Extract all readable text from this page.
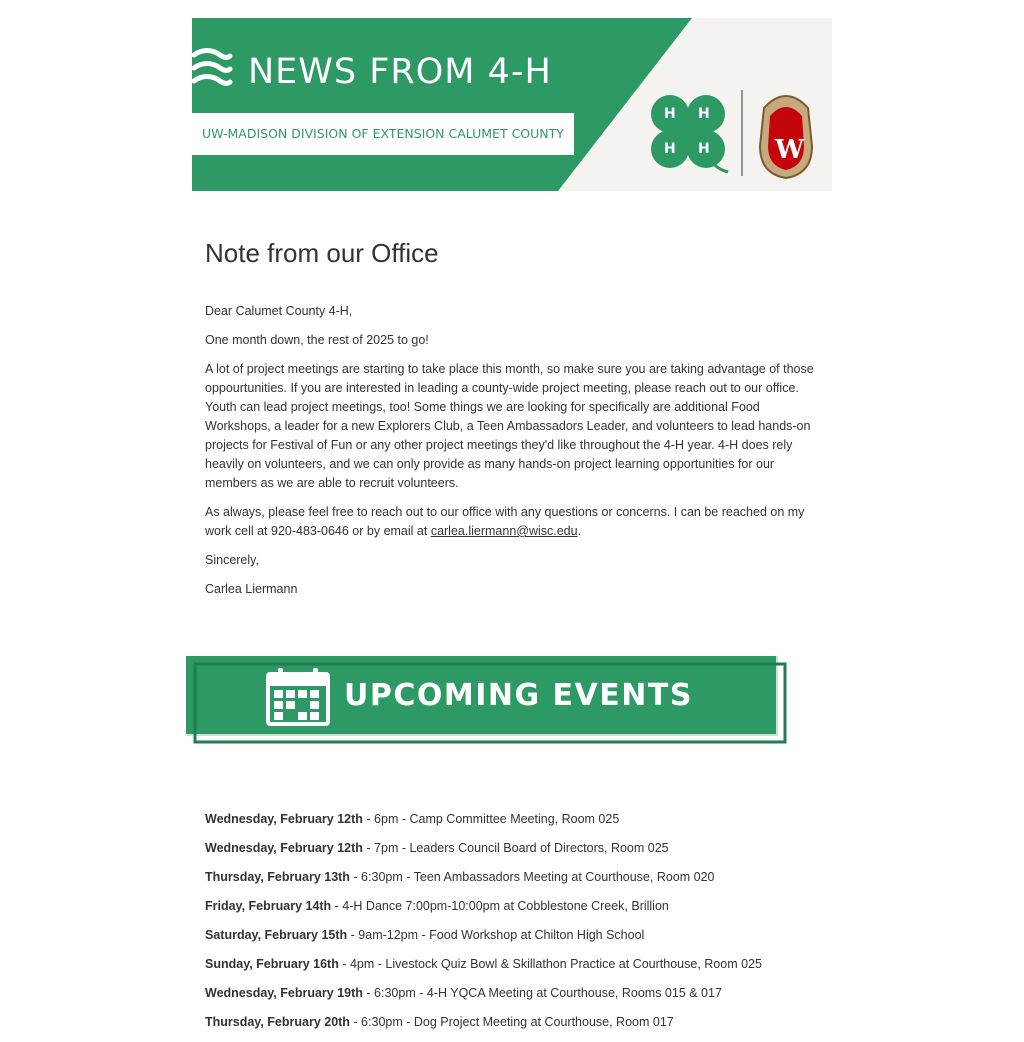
H H
H H	W
NEWS FROM 4-H
UW-MADISON DIVISION OF EXTENSION CALUMET COUNTY
Note from our Office

Dear Calumet County 4-H,

One month down, the rest of 2025 to go!

A lot of project meetings are starting to take place this month, so make sure you are taking advantage of those oppourtunities. If you are interested in leading a county-wide project meeting, please reach out to our office. Youth can lead project meetings, too! Some things we are looking for specifically are additional Food Workshops, a leader for a new Explorers Club, a Teen Ambassadors Leader, and volunteers to lead hands-on projects for Festival of Fun or any other project meetings they'd like throughout the 4-H year. 4-H does rely heavily on volunteers, and we can only provide as many hands-on project learning opportunities for our members as we are able to recruit volunteers.

As always, please feel free to reach out to our office with any questions or concerns. I can be reached on my work cell at 920-483-0646 or by email at carlea.liermann@wisc.edu.

Sincerely,

Carlea Liermann

UPCOMING EVENTS

Wednesday, February 12th - 6pm - Camp Committee Meeting, Room 025

Wednesday, February 12th - 7pm - Leaders Council Board of Directors, Room 025

Thursday, February 13th - 6:30pm - Teen Ambassadors Meeting at Courthouse, Room 020

Friday, February 14th - 4-H Dance 7:00pm-10:00pm at Cobblestone Creek, Brillion

Saturday, February 15th - 9am-12pm - Food Workshop at Chilton High School

Sunday, February 16th - 4pm - Livestock Quiz Bowl & Skillathon Practice at Courthouse, Room 025

Wednesday, February 19th - 6:30pm - 4-H YQCA Meeting at Courthouse, Rooms 015 & 017

Thursday, February 20th - 6:30pm - Dog Project Meeting at Courthouse, Room 017
